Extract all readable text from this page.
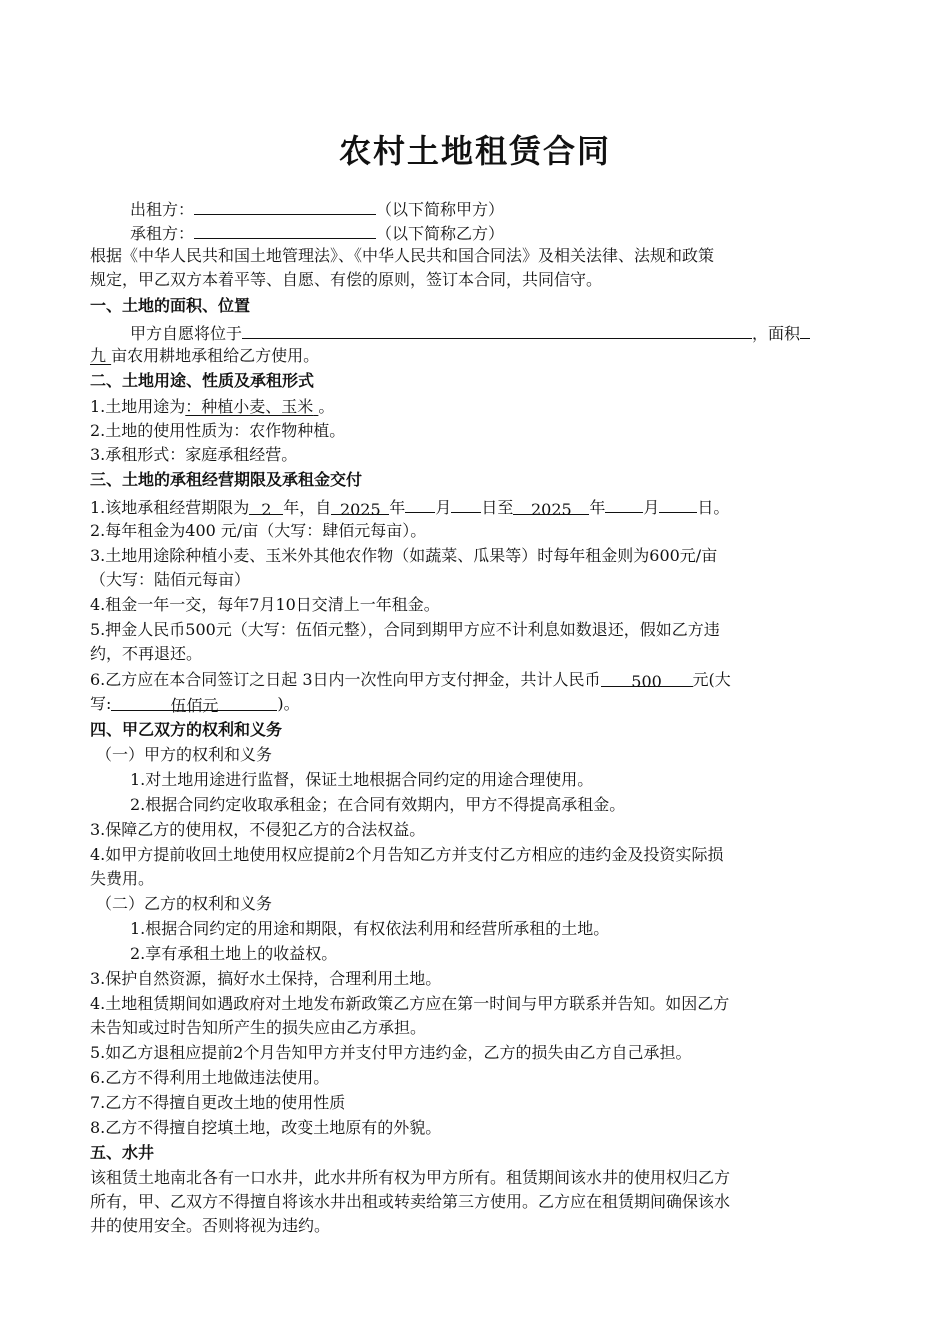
农村土地租赁合同
出租方：	（以下简称甲方）
承租方：	（以下简称乙方）
根据《中华人民共和国土地管理法》、《中华人民共和国合同法》及相关法律、法规和政策
规定，甲乙双方本着平等、自愿、有偿的原则，签订本合同，共同信守。
一、土地的面积、位置
甲方自愿将位于	，面积
九 亩农用耕地承租给乙方使用。
二、土地用途、性质及承租形式
1.土地用途为：种植小麦、玉米 。
2.土地的使用性质为：农作物种植。
3.承租形式：家庭承租经营。
三、土地的承租经营期限及承租金交付
1.该地承租经营期限为 2 年，自 2025 年 月 日至 2025 年 月 日。
2.每年租金为400 元/亩（大写：肆佰元每亩）。
3.土地用途除种植小麦、玉米外其他农作物（如蔬菜、瓜果等）时每年租金则为600元/亩
（大写：陆佰元每亩）
4.租金一年一交，每年7月10日交清上一年租金。
5.押金人民币500元（大写：伍佰元整），合同到期甲方应不计利息如数退还，假如乙方违
约，不再退还。
6.乙方应在本合同签订之日起 3日内一次性向甲方支付押金，共计人民币 500 元(大
写:	伍佰元	)。
四、甲乙双方的权利和义务
（一）甲方的权利和义务
1.对土地用途进行监督，保证土地根据合同约定的用途合理使用。
2.根据合同约定收取承租金；在合同有效期内，甲方不得提高承租金。
3.保障乙方的使用权，不侵犯乙方的合法权益。
4.如甲方提前收回土地使用权应提前2个月告知乙方并支付乙方相应的违约金及投资实际损
失费用。
（二）乙方的权利和义务
1.根据合同约定的用途和期限，有权依法利用和经营所承租的土地。
2.享有承租土地上的收益权。
3.保护自然资源，搞好水土保持，合理利用土地。
4.土地租赁期间如遇政府对土地发布新政策乙方应在第一时间与甲方联系并告知。如因乙方
未告知或过时告知所产生的损失应由乙方承担。
5.如乙方退租应提前2个月告知甲方并支付甲方违约金，乙方的损失由乙方自己承担。
6.乙方不得利用土地做违法使用。
7.乙方不得擅自更改土地的使用性质
8.乙方不得擅自挖填土地，改变土地原有的外貌。
五、水井
该租赁土地南北各有一口水井，此水井所有权为甲方所有。租赁期间该水井的使用权归乙方
所有，甲、乙双方不得擅自将该水井出租或转卖给第三方使用。乙方应在租赁期间确保该水
井的使用安全。否则将视为违约。
